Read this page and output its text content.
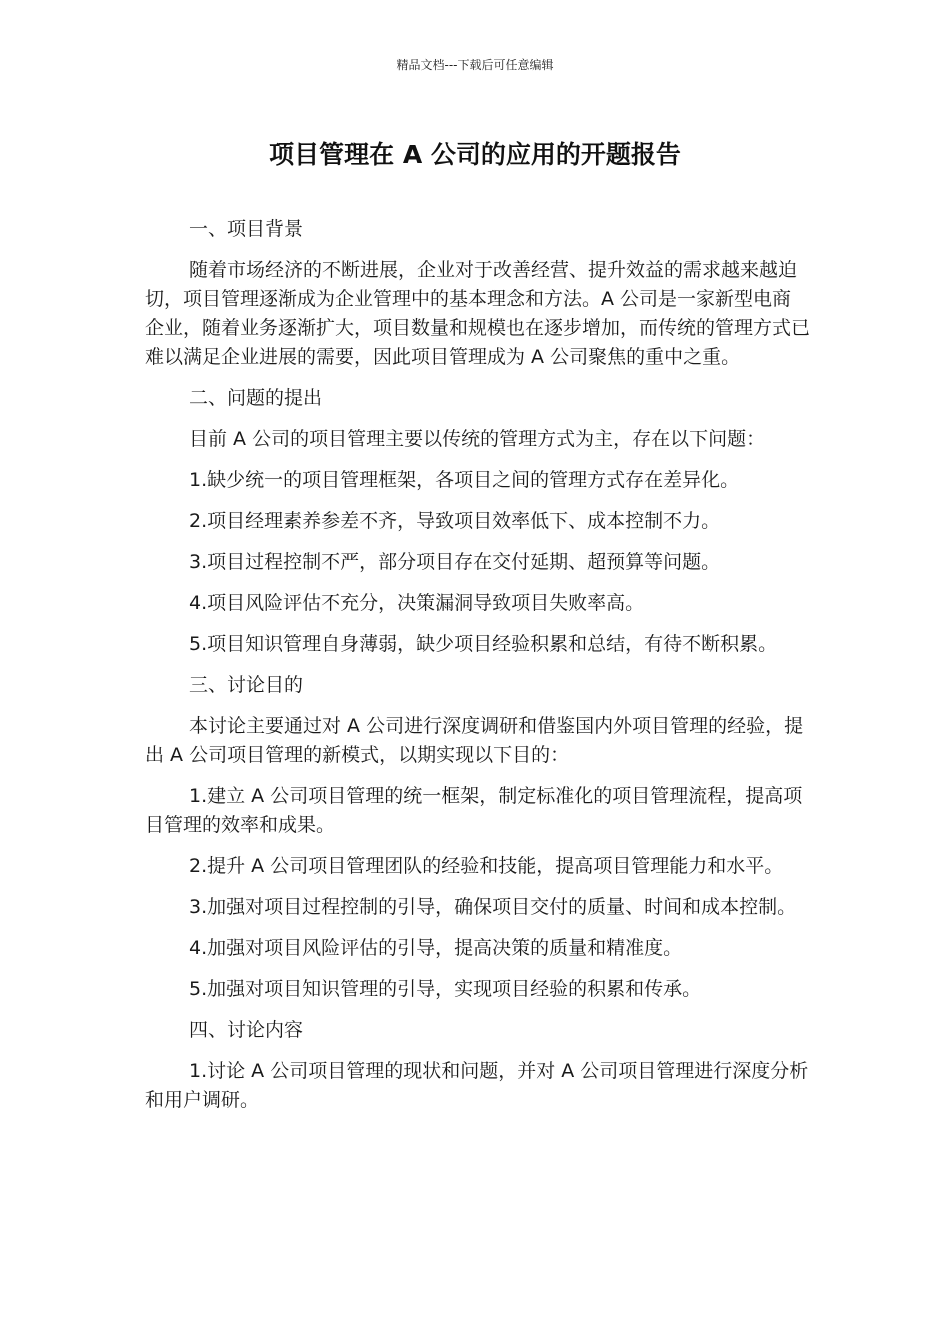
精品文档---下载后可任意编辑
项目管理在 A 公司的应用的开题报告

一、项目背景

随着市场经济的不断进展，企业对于改善经营、提升效益的需求越来越迫切，项目管理逐渐成为企业管理中的基本理念和方法。A 公司是一家新型电商企业，随着业务逐渐扩大，项目数量和规模也在逐步增加，而传统的管理方式已难以满足企业进展的需要，因此项目管理成为 A 公司聚焦的重中之重。

二、问题的提出

目前 A 公司的项目管理主要以传统的管理方式为主，存在以下问题：

1.缺少统一的项目管理框架，各项目之间的管理方式存在差异化。

2.项目经理素养参差不齐，导致项目效率低下、成本控制不力。

3.项目过程控制不严，部分项目存在交付延期、超预算等问题。

4.项目风险评估不充分，决策漏洞导致项目失败率高。

5.项目知识管理自身薄弱，缺少项目经验积累和总结，有待不断积累。

三、讨论目的

本讨论主要通过对 A 公司进行深度调研和借鉴国内外项目管理的经验，提出 A 公司项目管理的新模式，以期实现以下目的：

1.建立 A 公司项目管理的统一框架，制定标准化的项目管理流程，提高项目管理的效率和成果。

2.提升 A 公司项目管理团队的经验和技能，提高项目管理能力和水平。

3.加强对项目过程控制的引导，确保项目交付的质量、时间和成本控制。

4.加强对项目风险评估的引导，提高决策的质量和精准度。

5.加强对项目知识管理的引导，实现项目经验的积累和传承。

四、讨论内容

1.讨论 A 公司项目管理的现状和问题，并对 A 公司项目管理进行深度分析和用户调研。
